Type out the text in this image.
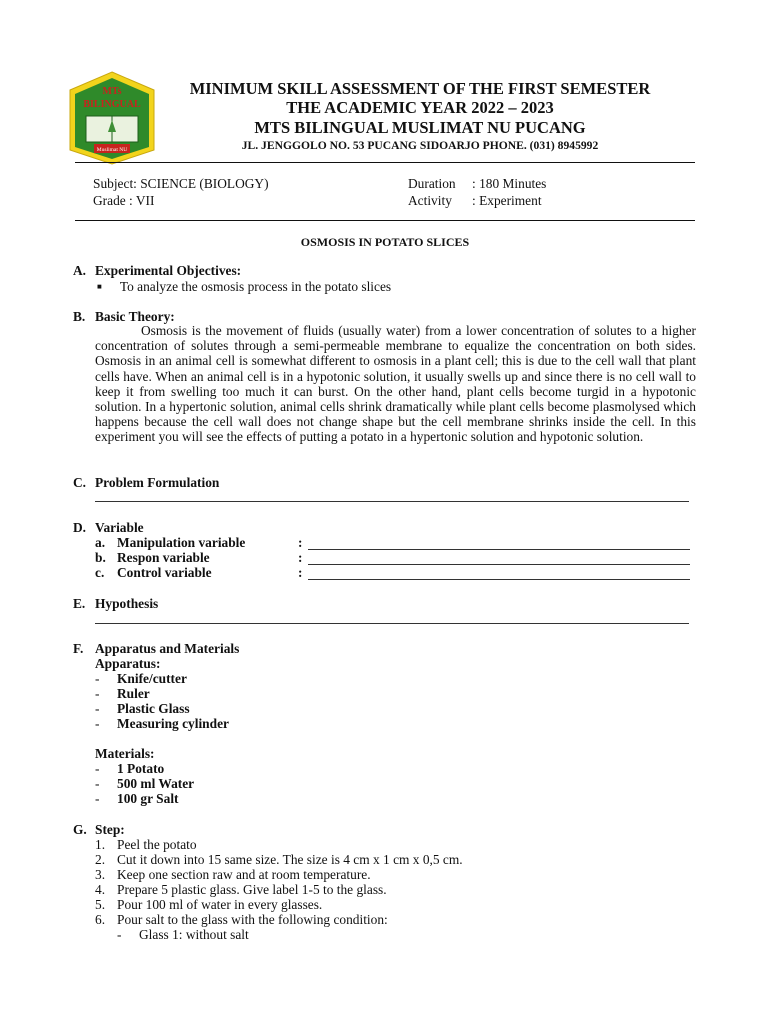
Muslimat NU
MTs
BILINGUAL
MINIMUM SKILL ASSESSMENT OF THE FIRST SEMESTER
THE ACADEMIC YEAR 2022 – 2023
MTS BILINGUAL MUSLIMAT NU PUCANG
JL. JENGGOLO NO. 53 PUCANG SIDOARJO PHONE. (031) 8945992
Subject: SCIENCE (BIOLOGY)
Grade : VII
Duration : 180 Minutes
Activity : Experiment
OSMOSIS IN POTATO SLICES
A. Experimental Objectives:
■ To analyze the osmosis process in the potato slices
B. Basic Theory:
Osmosis is the movement of fluids (usually water) from a lower concentration of solutes to a higher concentration of solutes through a semi-permeable membrane to equalize the concentration on both sides. Osmosis in an animal cell is somewhat different to osmosis in a plant cell; this is due to the cell wall that plant cells have. When an animal cell is in a hypotonic solution, it usually swells up and since there is no cell wall to keep it from swelling too much it can burst. On the other hand, plant cells become turgid in a hypotonic solution. In a hypertonic solution, animal cells shrink dramatically while plant cells become plasmolysed which happens because the cell wall does not change shape but the cell membrane shrinks inside the cell. In this experiment you will see the effects of putting a potato in a hypertonic solution and hypotonic solution.
C. Problem Formulation
D. Variable
a. Manipulation variable	:
b. Respon variable	:
c. Control variable	:
E. Hypothesis
F. Apparatus and Materials
Apparatus:
- Knife/cutter
- Ruler
- Plastic Glass
- Measuring cylinder
Materials:
- 1 Potato
- 500 ml Water
- 100 gr Salt
G. Step:
1. Peel the potato
2. Cut it down into 15 same size. The size is 4 cm x 1 cm x 0,5 cm.
3. Keep one section raw and at room temperature.
4. Prepare 5 plastic glass. Give label 1-5 to the glass.
5. Pour 100 ml of water in every glasses.
6. Pour salt to the glass with the following condition:
- Glass 1: without salt
